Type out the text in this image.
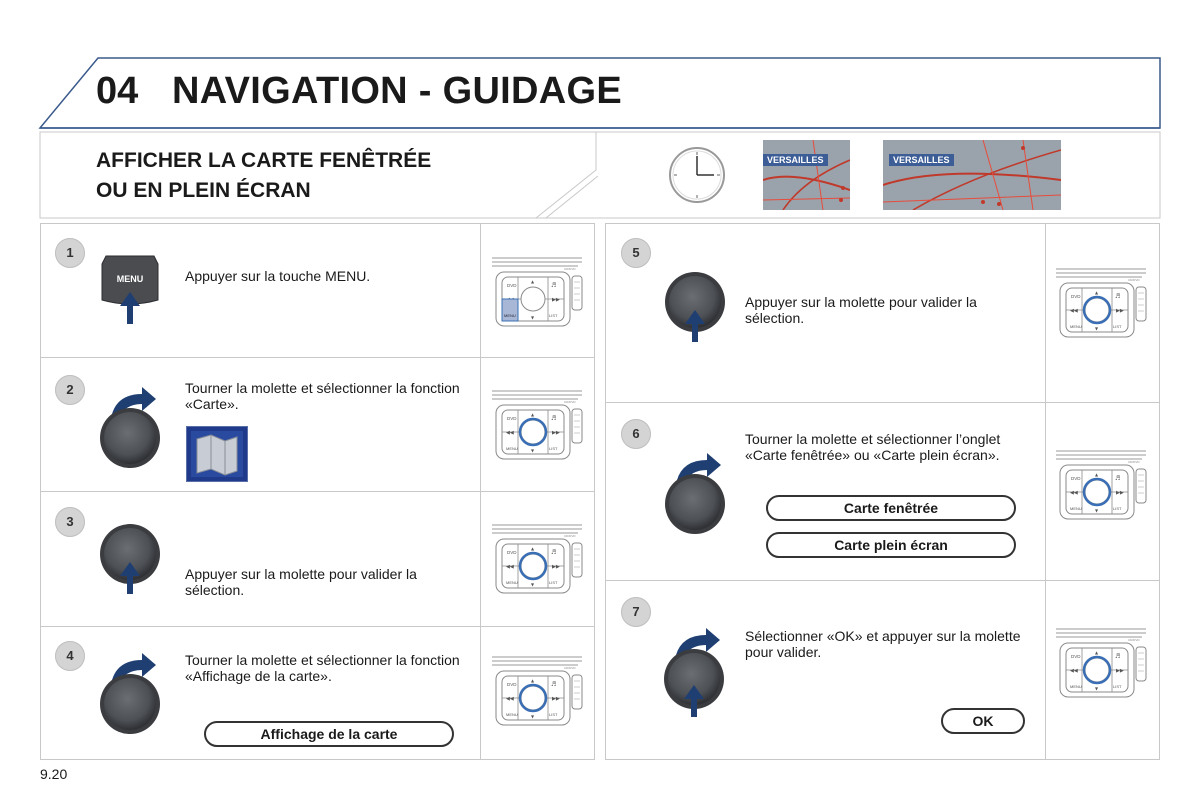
04 NAVIGATION - GUIDAGE
AFFICHER LA CARTE FENÊTRÉE
OU EN PLEIN ÉCRAN
VERSAILLES	VERSAILLES
1
MENU	Appuyer sur la touche MENU.
MENU
2	Tourner la molette et sélectionner la fonction «Carte».
3
Appuyer sur la molette pour valider la sélection.
4	Tourner la molette et sélectionner la fonction «Affichage de la carte».
Affichage de la carte
5
Appuyer sur la molette pour valider la sélection.
6	Tourner la molette et sélectionner l’onglet «Carte fenêtrée» ou «Carte plein écran».
Carte fenêtrée
Carte plein écran
7
Sélectionner «OK» et appuyer sur la molette pour valider.
OK
9.20
